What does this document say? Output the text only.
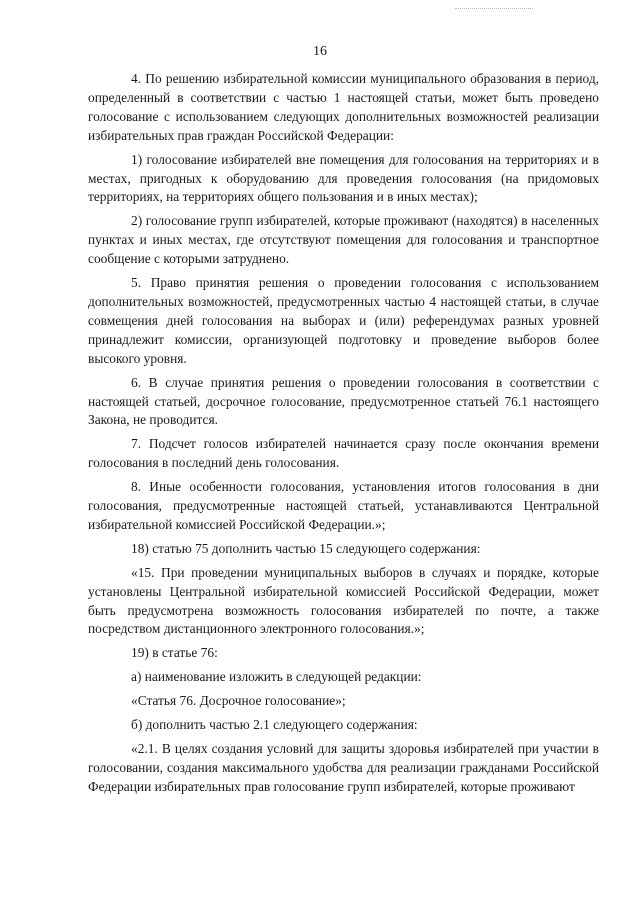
16

4. По решению избирательной комиссии муниципального образования в период, определенный в соответствии с частью 1 настоящей статьи, может быть проведено голосование с использованием следующих дополнительных возможностей реализации избирательных прав граждан Российской Федерации:

1) голосование избирателей вне помещения для голосования на территориях и в местах, пригодных к оборудованию для проведения голосования (на придомовых территориях, на территориях общего пользования и в иных местах);

2) голосование групп избирателей, которые проживают (находятся) в населенных пунктах и иных местах, где отсутствуют помещения для голосования и транспортное сообщение с которыми затруднено.

5. Право принятия решения о проведении голосования с использованием дополнительных возможностей, предусмотренных частью 4 настоящей статьи, в случае совмещения дней голосования на выборах и (или) референдумах разных уровней принадлежит комиссии, организующей подготовку и проведение выборов более высокого уровня.

6. В случае принятия решения о проведении голосования в соответствии с настоящей статьей, досрочное голосование, предусмотренное статьей 76.1 настоящего Закона, не проводится.

7. Подсчет голосов избирателей начинается сразу после окончания времени голосования в последний день голосования.

8. Иные особенности голосования, установления итогов голосования в дни голосования, предусмотренные настоящей статьей, устанавливаются Центральной избирательной комиссией Российской Федерации.»;

18) статью 75 дополнить частью 15 следующего содержания:

«15. При проведении муниципальных выборов в случаях и порядке, которые установлены Центральной избирательной комиссией Российской Федерации, может быть предусмотрена возможность голосования избирателей по почте, а также посредством дистанционного электронного голосования.»;

19) в статье 76:

а) наименование изложить в следующей редакции:

«Статья 76. Досрочное голосование»;

б) дополнить частью 2.1 следующего содержания:

«2.1. В целях создания условий для защиты здоровья избирателей при участии в голосовании, создания максимального удобства для реализации гражданами Российской Федерации избирательных прав голосование групп избирателей, которые проживают
